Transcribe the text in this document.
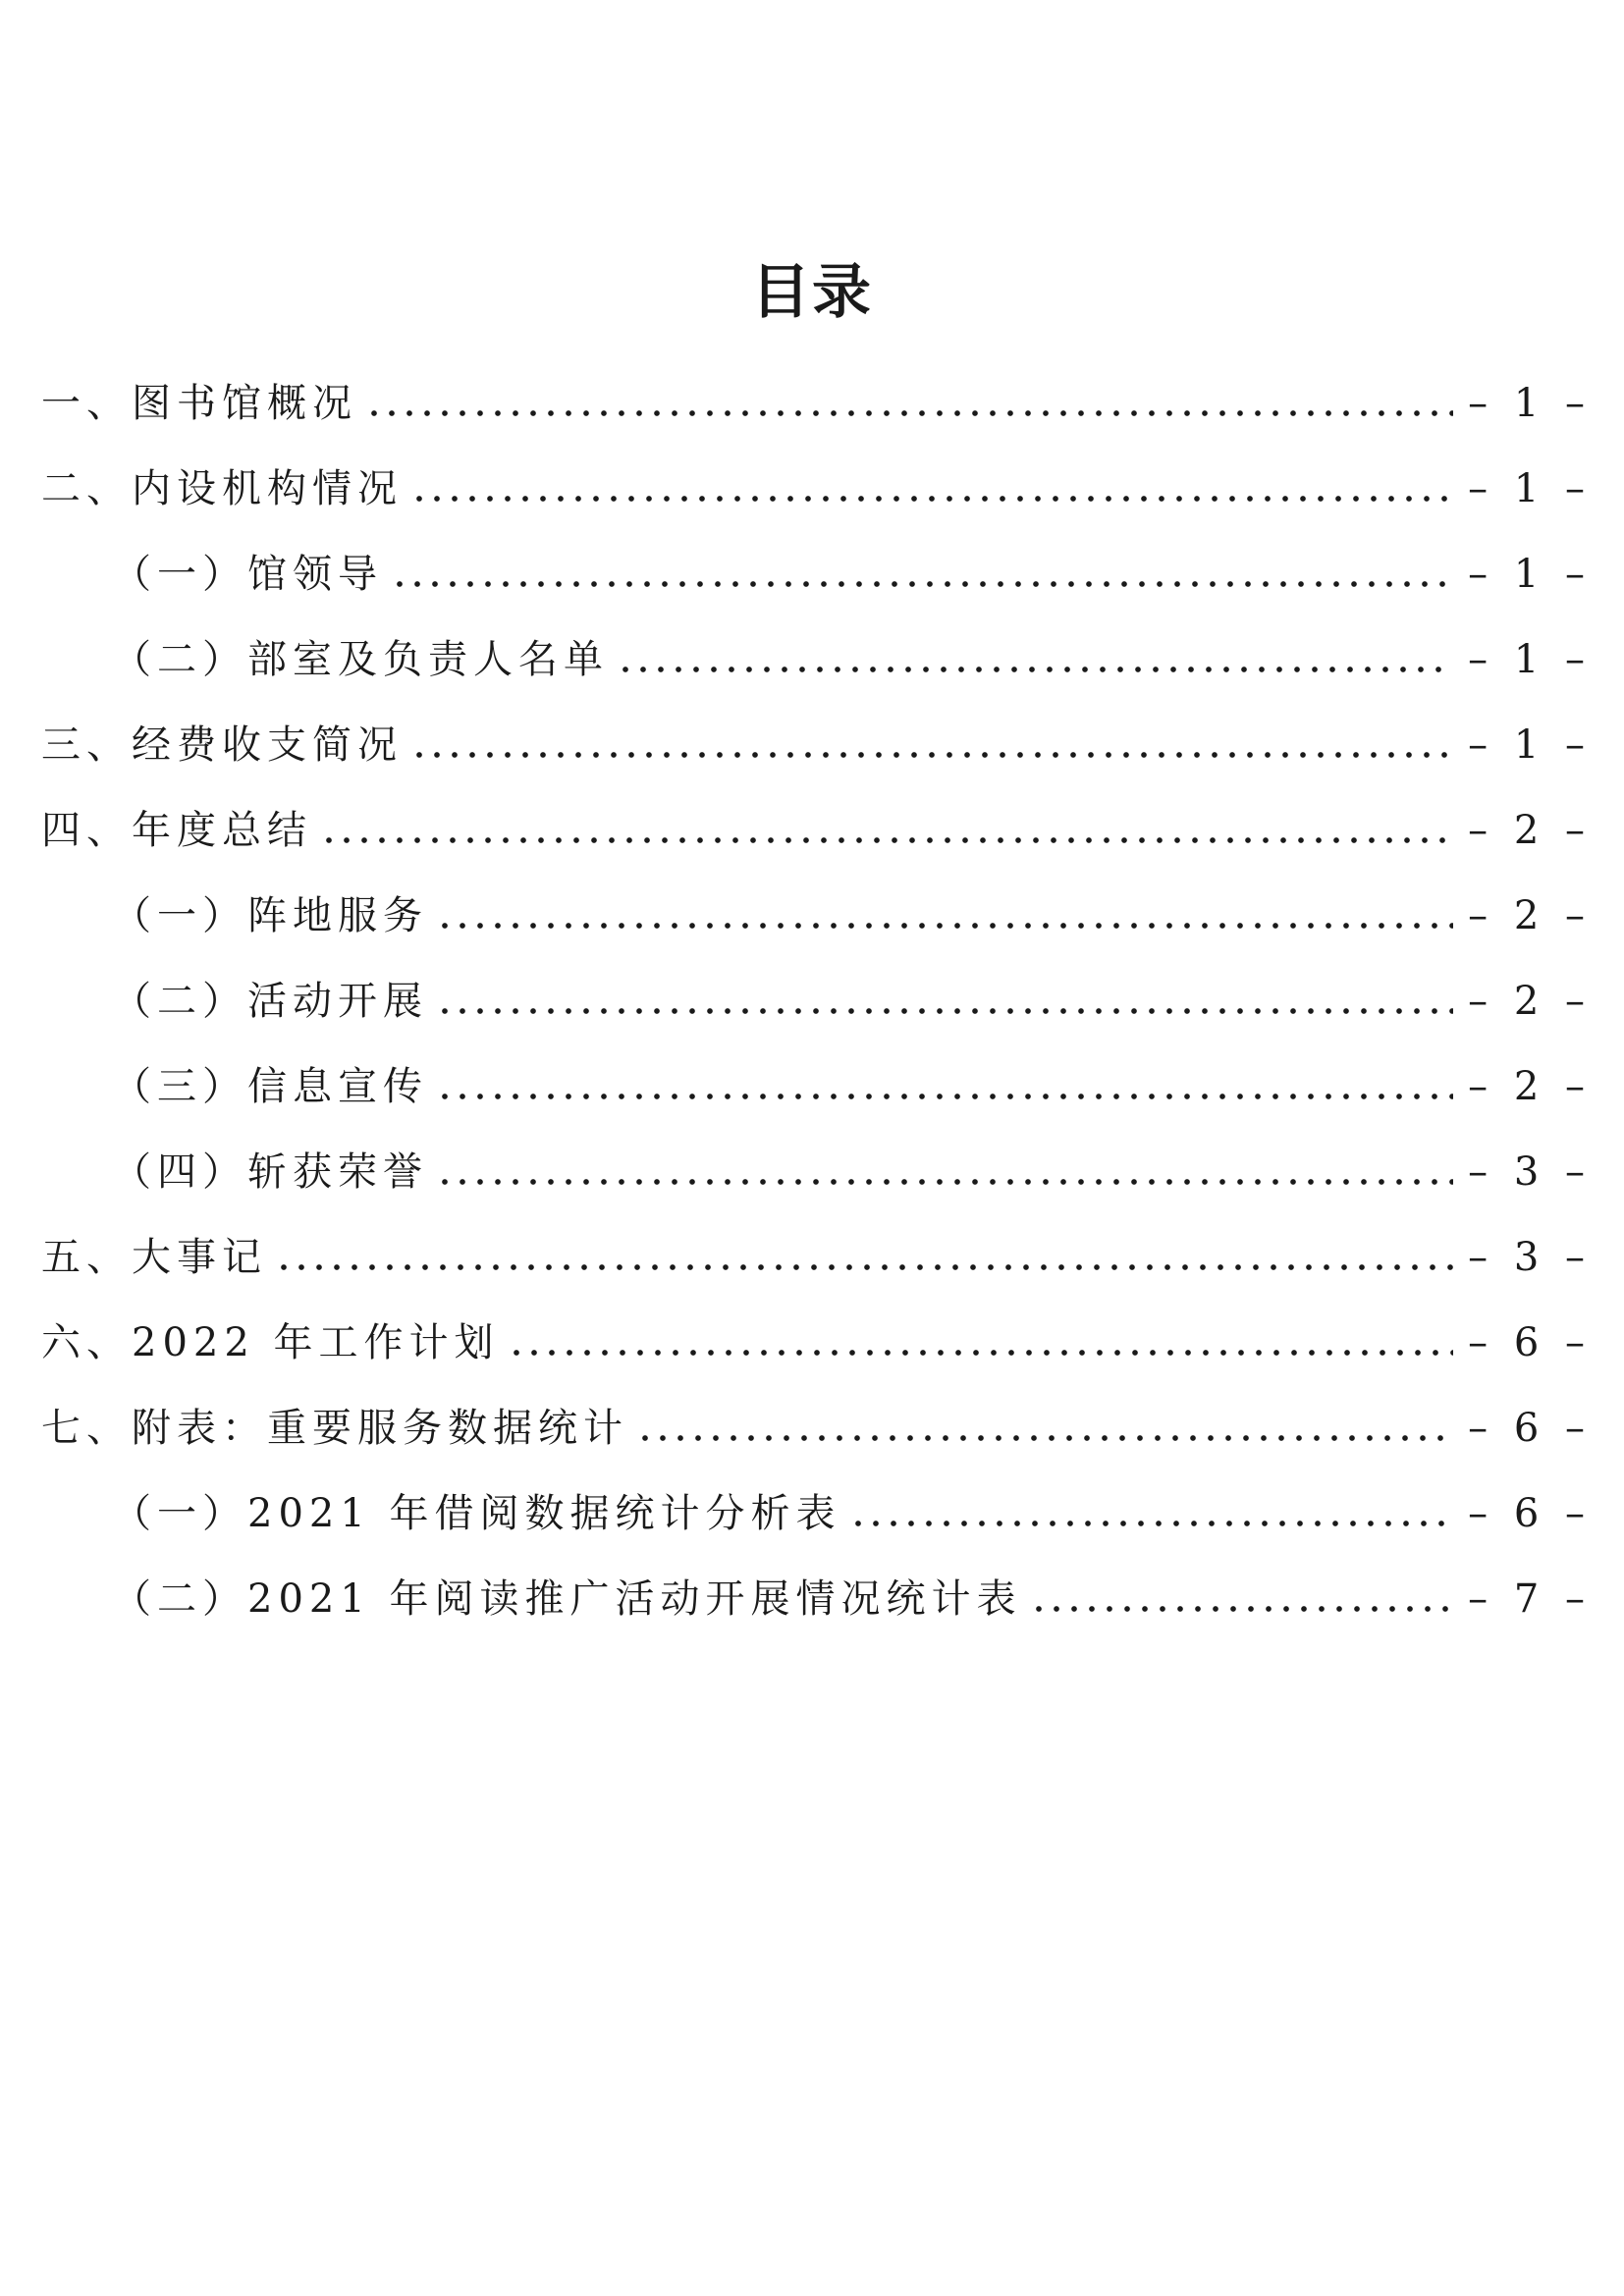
目录
一、图书馆概况	– 1 –
二、内设机构情况	– 1 –
（一）馆领导	– 1 –
（二）部室及负责人名单	– 1 –
三、经费收支简况	– 1 –
四、年度总结	– 2 –
（一）阵地服务	– 2 –
（二）活动开展	– 2 –
（三）信息宣传	– 2 –
（四）斩获荣誉	– 3 –
五、大事记	– 3 –
六、2022 年工作计划	– 6 –
七、附表：重要服务数据统计	– 6 –
（一）2021 年借阅数据统计分析表	– 6 –
（二）2021 年阅读推广活动开展情况统计表	– 7 –
